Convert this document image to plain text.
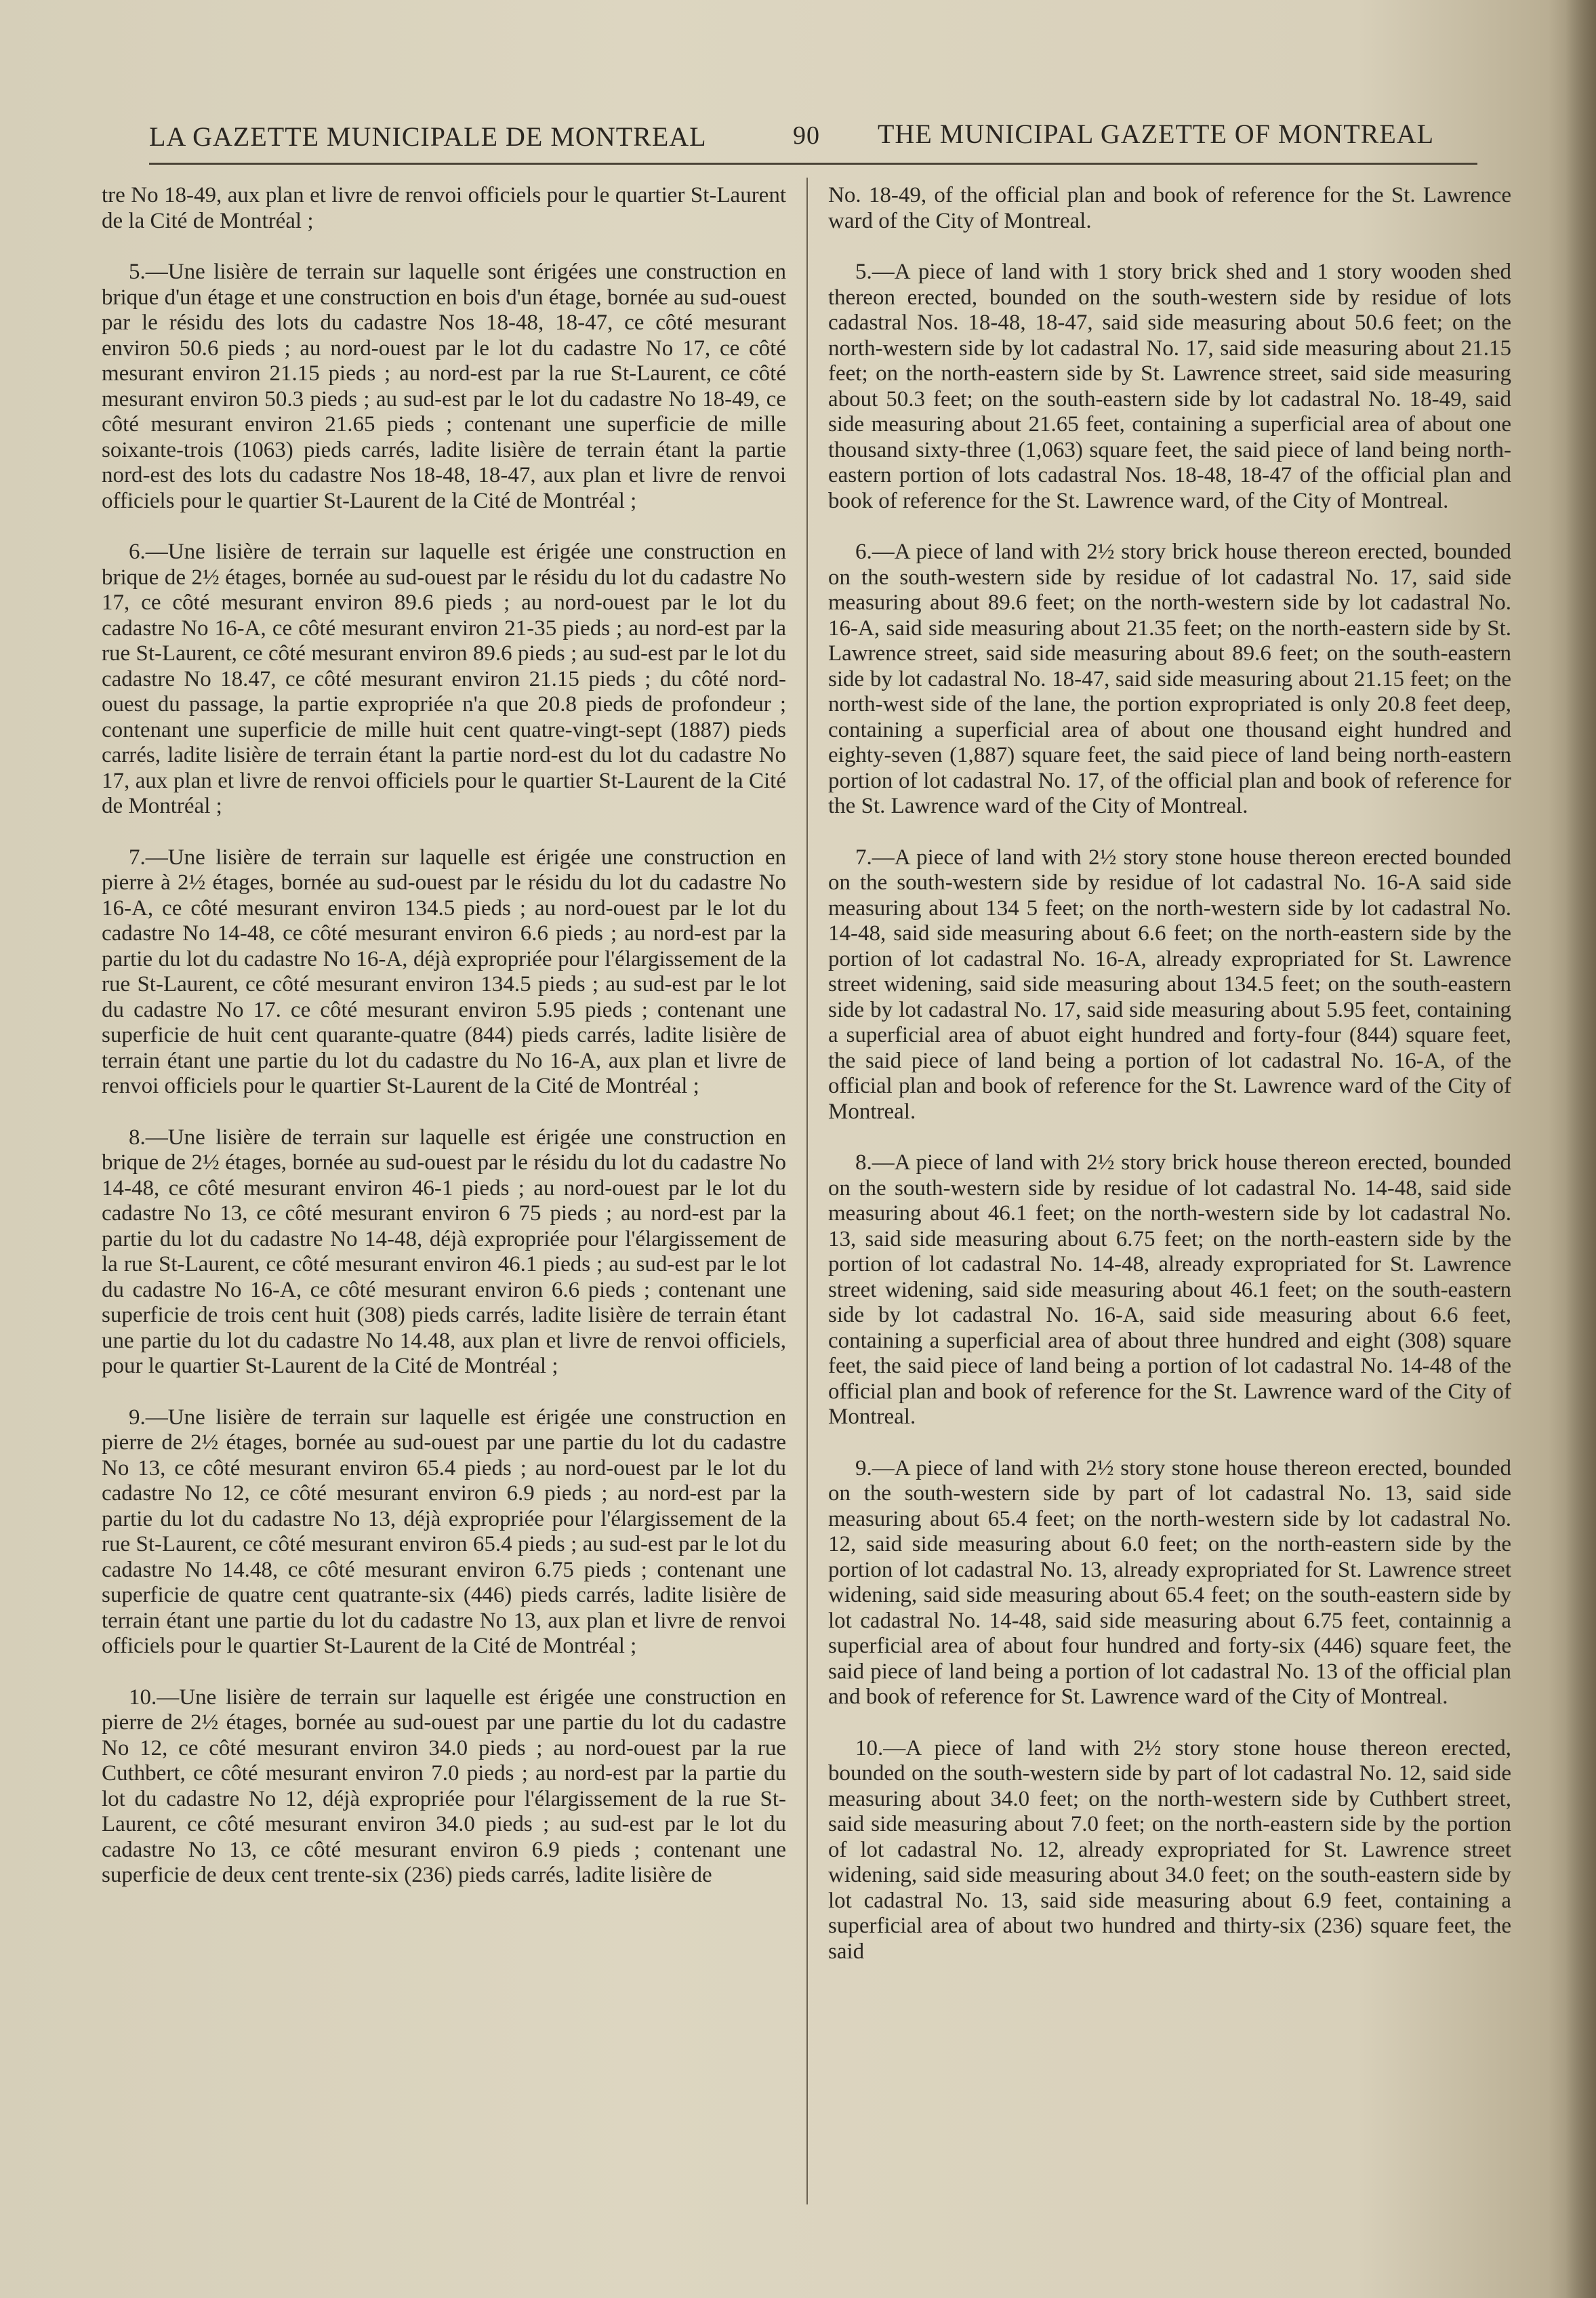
LA GAZETTE MUNICIPALE DE MONTREAL	90 THE MUNICIPAL GAZETTE OF MONTREAL

tre No 18-49, aux plan et livre de renvoi officiels pour le quartier St-Laurent de la Cité de Montréal ;

5.—Une lisière de terrain sur laquelle sont érigées une construction en brique d'un étage et une construction en bois d'un étage, bornée au sud-ouest par le résidu des lots du cadastre Nos 18-48, 18-47, ce côté mesurant environ 50.6 pieds ; au nord-ouest par le lot du cadastre No 17, ce côté mesurant environ 21.15 pieds ; au nord-est par la rue St-Laurent, ce côté mesurant environ 50.3 pieds ; au sud-est par le lot du cadastre No 18-49, ce côté mesurant environ 21.65 pieds ; contenant une superficie de mille soixante-trois (1063) pieds carrés, ladite lisière de terrain étant la partie nord-est des lots du cadastre Nos 18-48, 18-47, aux plan et livre de renvoi officiels pour le quartier St-Laurent de la Cité de Montréal ;

6.—Une lisière de terrain sur laquelle est érigée une construction en brique de 2½ étages, bornée au sud-ouest par le résidu du lot du cadastre No 17, ce côté mesurant environ 89.6 pieds ; au nord-ouest par le lot du cadastre No 16-A, ce côté mesurant environ 21-35 pieds ; au nord-est par la rue St-Laurent, ce côté mesurant environ 89.6 pieds ; au sud-est par le lot du cadastre No 18.47, ce côté mesurant environ 21.15 pieds ; du côté nord-ouest du passage, la partie expropriée n'a que 20.8 pieds de profondeur ; contenant une superficie de mille huit cent quatre-vingt-sept (1887) pieds carrés, ladite lisière de terrain étant la partie nord-est du lot du cadastre No 17, aux plan et livre de renvoi officiels pour le quartier St-Laurent de la Cité de Montréal ;

7.—Une lisière de terrain sur laquelle est érigée une construction en pierre à 2½ étages, bornée au sud-ouest par le résidu du lot du cadastre No 16-A, ce côté mesurant environ 134.5 pieds ; au nord-ouest par le lot du cadastre No 14-48, ce côté mesurant environ 6.6 pieds ; au nord-est par la partie du lot du cadastre No 16-A, déjà expropriée pour l'élargissement de la rue St-Laurent, ce côté mesurant environ 134.5 pieds ; au sud-est par le lot du cadastre No 17. ce côté mesurant environ 5.95 pieds ; contenant une superficie de huit cent quarante-quatre (844) pieds carrés, ladite lisière de terrain étant une partie du lot du cadastre du No 16-A, aux plan et livre de renvoi officiels pour le quartier St-Laurent de la Cité de Montréal ;

8.—Une lisière de terrain sur laquelle est érigée une construction en brique de 2½ étages, bornée au sud-ouest par le résidu du lot du cadastre No 14-48, ce côté mesurant environ 46-1 pieds ; au nord-ouest par le lot du cadastre No 13, ce côté mesurant environ 6 75 pieds ; au nord-est par la partie du lot du cadastre No 14-48, déjà expropriée pour l'élargissement de la rue St-Laurent, ce côté mesurant environ 46.1 pieds ; au sud-est par le lot du cadastre No 16-A, ce côté mesurant environ 6.6 pieds ; contenant une superficie de trois cent huit (308) pieds carrés, ladite lisière de terrain étant une partie du lot du cadastre No 14.48, aux plan et livre de renvoi officiels, pour le quartier St-Laurent de la Cité de Montréal ;

9.—Une lisière de terrain sur laquelle est érigée une construction en pierre de 2½ étages, bornée au sud-ouest par une partie du lot du cadastre No 13, ce côté mesurant environ 65.4 pieds ; au nord-ouest par le lot du cadastre No 12, ce côté mesurant environ 6.9 pieds ; au nord-est par la partie du lot du cadastre No 13, déjà expropriée pour l'élargissement de la rue St-Laurent, ce côté mesurant environ 65.4 pieds ; au sud-est par le lot du cadastre No 14.48, ce côté mesurant environ 6.75 pieds ; contenant une superficie de quatre cent quatrante-six (446) pieds carrés, ladite lisière de terrain étant une partie du lot du cadastre No 13, aux plan et livre de renvoi officiels pour le quartier St-Laurent de la Cité de Montréal ;

10.—Une lisière de terrain sur laquelle est érigée une construction en pierre de 2½ étages, bornée au sud-ouest par une partie du lot du cadastre No 12, ce côté mesurant environ 34.0 pieds ; au nord-ouest par la rue Cuthbert, ce côté mesurant environ 7.0 pieds ; au nord-est par la partie du lot du cadastre No 12, déjà expropriée pour l'élargissement de la rue St-Laurent, ce côté mesurant environ 34.0 pieds ; au sud-est par le lot du cadastre No 13, ce côté mesurant environ 6.9 pieds ; contenant une superficie de deux cent trente-six (236) pieds carrés, ladite lisière de

No. 18-49, of the official plan and book of reference for the St. Lawrence ward of the City of Montreal.

5.—A piece of land with 1 story brick shed and 1 story wooden shed thereon erected, bounded on the south-western side by residue of lots cadastral Nos. 18-48, 18-47, said side measuring about 50.6 feet; on the north-western side by lot cadastral No. 17, said side measuring about 21.15 feet; on the north-eastern side by St. Lawrence street, said side measuring about 50.3 feet; on the south-eastern side by lot cadastral No. 18-49, said side measuring about 21.65 feet, containing a superficial area of about one thousand sixty-three (1,063) square feet, the said piece of land being north-eastern portion of lots cadastral Nos. 18-48, 18-47 of the official plan and book of reference for the St. Lawrence ward, of the City of Montreal.

6.—A piece of land with 2½ story brick house thereon erected, bounded on the south-western side by residue of lot cadastral No. 17, said side measuring about 89.6 feet; on the north-western side by lot cadastral No. 16-A, said side measuring about 21.35 feet; on the north-eastern side by St. Lawrence street, said side measuring about 89.6 feet; on the south-eastern side by lot cadastral No. 18-47, said side measuring about 21.15 feet; on the north-west side of the lane, the portion expropriated is only 20.8 feet deep, containing a superficial area of about one thousand eight hundred and eighty-seven (1,887) square feet, the said piece of land being north-eastern portion of lot cadastral No. 17, of the official plan and book of reference for the St. Lawrence ward of the City of Montreal.

7.—A piece of land with 2½ story stone house thereon erected bounded on the south-western side by residue of lot cadastral No. 16-A said side measuring about 134 5 feet; on the north-western side by lot cadastral No. 14-48, said side measuring about 6.6 feet; on the north-eastern side by the portion of lot cadastral No. 16-A, already expropriated for St. Lawrence street widening, said side measuring about 134.5 feet; on the south-eastern side by lot cadastral No. 17, said side measuring about 5.95 feet, containing a superficial area of abuot eight hundred and forty-four (844) square feet, the said piece of land being a portion of lot cadastral No. 16-A, of the official plan and book of reference for the St. Lawrence ward of the City of Montreal.

8.—A piece of land with 2½ story brick house thereon erected, bounded on the south-western side by residue of lot cadastral No. 14-48, said side measuring about 46.1 feet; on the north-western side by lot cadastral No. 13, said side measuring about 6.75 feet; on the north-eastern side by the portion of lot cadastral No. 14-48, already expropriated for St. Lawrence street widening, said side measuring about 46.1 feet; on the south-eastern side by lot cadastral No. 16-A, said side measuring about 6.6 feet, containing a superficial area of about three hundred and eight (308) square feet, the said piece of land being a portion of lot cadastral No. 14-48 of the official plan and book of reference for the St. Lawrence ward of the City of Montreal.

9.—A piece of land with 2½ story stone house thereon erected, bounded on the south-western side by part of lot cadastral No. 13, said side measuring about 65.4 feet; on the north-western side by lot cadastral No. 12, said side measuring about 6.0 feet; on the north-eastern side by the portion of lot cadastral No. 13, already expropriated for St. Lawrence street widening, said side measuring about 65.4 feet; on the south-eastern side by lot cadastral No. 14-48, said side measuring about 6.75 feet, containnig a superficial area of about four hundred and forty-six (446) square feet, the said piece of land being a portion of lot cadastral No. 13 of the official plan and book of reference for St. Lawrence ward of the City of Montreal.

10.—A piece of land with 2½ story stone house thereon erected, bounded on the south-western side by part of lot cadastral No. 12, said side measuring about 34.0 feet; on the north-western side by Cuthbert street, said side measuring about 7.0 feet; on the north-eastern side by the portion of lot cadastral No. 12, already expropriated for St. Lawrence street widening, said side measuring about 34.0 feet; on the south-eastern side by lot cadastral No. 13, said side measuring about 6.9 feet, containing a superficial area of about two hundred and thirty-six (236) square feet, the said
